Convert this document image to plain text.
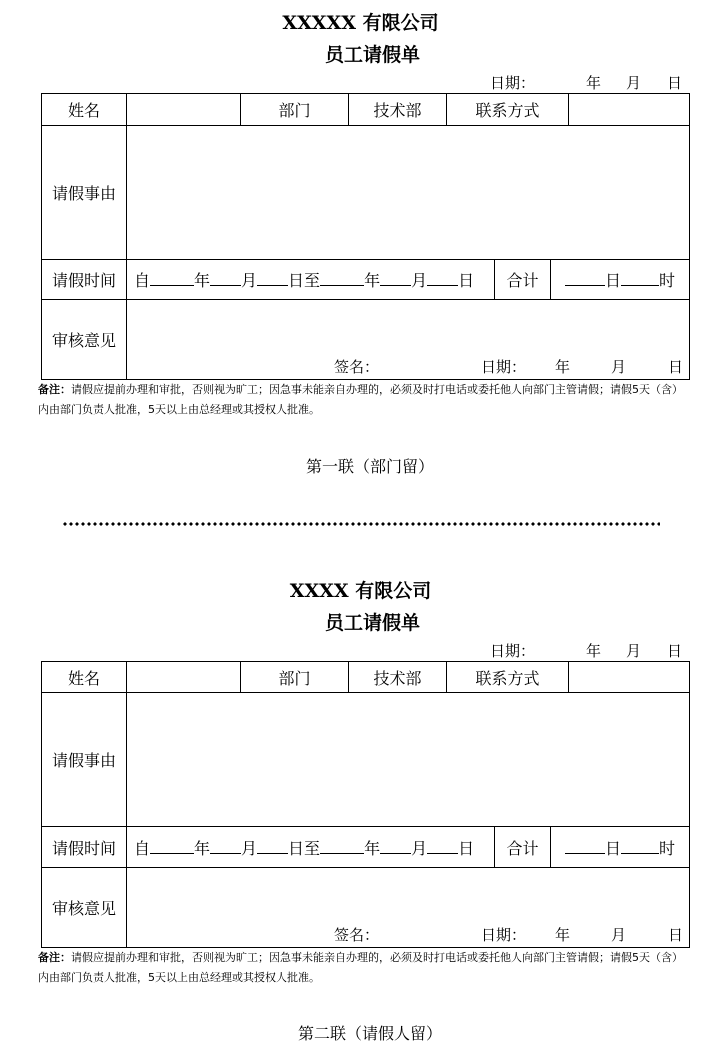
XXXXX 有限公司
员工请假单
日期：	年 月 日
姓名		部门	技术部	联系方式			
请假事由							
请假时间	自 年 月 日至 年 月 日				合计	日 时	
审核意见	签名： 日期： 年 月 日						
备注：请假应提前办理和审批，否则视为旷工；因急事未能亲自办理的，必须及时打电话或委托他人向部门主管请假；请假5天（含）内由部门负责人批准，5天以上由总经理或其授权人批准。
第一联（部门留）
XXXX 有限公司
员工请假单
日期：	年 月 日
姓名		部门	技术部	联系方式			
请假事由							
请假时间	自 年 月 日至 年 月 日				合计	日 时	
审核意见	签名： 日期： 年 月 日						
备注：请假应提前办理和审批，否则视为旷工；因急事未能亲自办理的，必须及时打电话或委托他人向部门主管请假；请假5天（含）内由部门负责人批准，5天以上由总经理或其授权人批准。
第二联（请假人留）
